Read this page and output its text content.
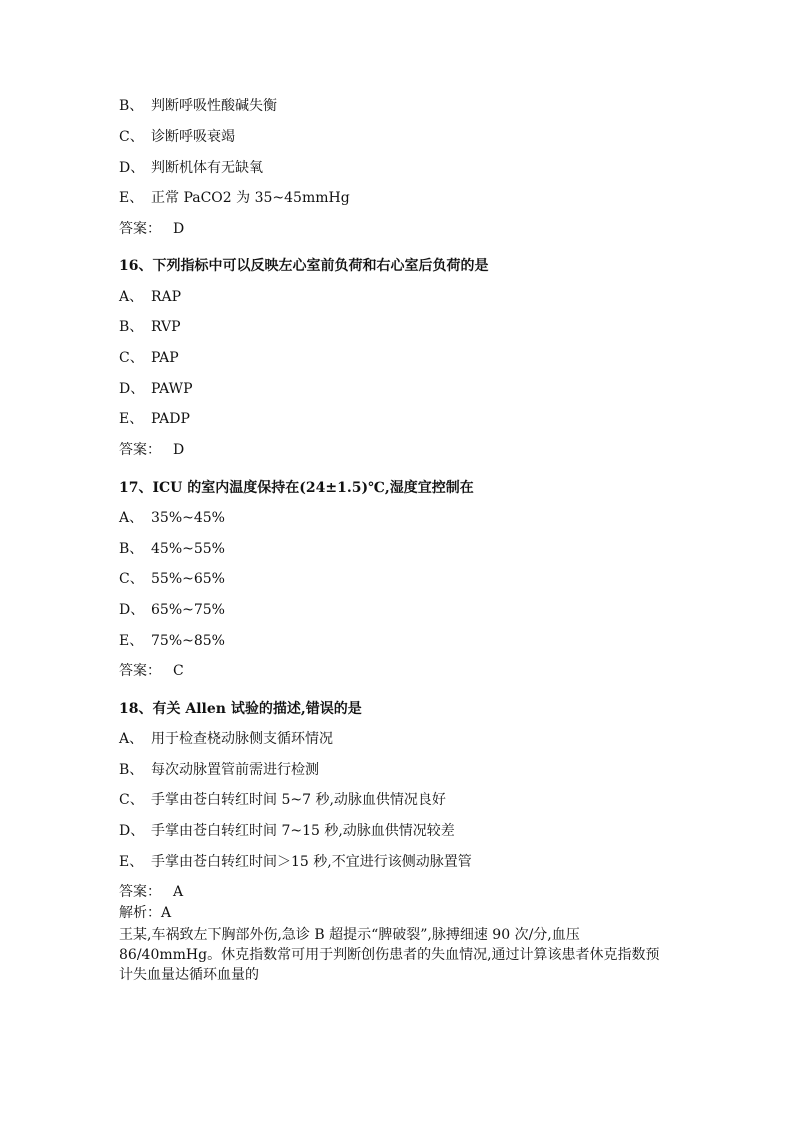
B、 判断呼吸性酸碱失衡
C、 诊断呼吸衰竭
D、 判断机体有无缺氧
E、 正常 PaCO2 为 35~45mmHg
答案： D
16、下列指标中可以反映左心室前负荷和右心室后负荷的是
A、 RAP
B、 RVP
C、 PAP
D、 PAWP
E、 PADP
答案： D
17、ICU 的室内温度保持在(24±1.5)℃,湿度宜控制在
A、 35%~45%
B、 45%~55%
C、 55%~65%
D、 65%~75%
E、 75%~85%
答案： C
18、有关 Allen 试验的描述,错误的是
A、 用于检查桡动脉侧支循环情况
B、 每次动脉置管前需进行检测
C、 手掌由苍白转红时间 5~7 秒,动脉血供情况良好
D、 手掌由苍白转红时间 7~15 秒,动脉血供情况较差
E、 手掌由苍白转红时间＞15 秒,不宜进行该侧动脉置管
答案： A
解析：A
王某,车祸致左下胸部外伤,急诊 B 超提示“脾破裂”,脉搏细速 90 次/分,血压 86/40mmHg。休克指数常可用于判断创伤患者的失血情况,通过计算该患者休克指数预计失血量达循环血量的
